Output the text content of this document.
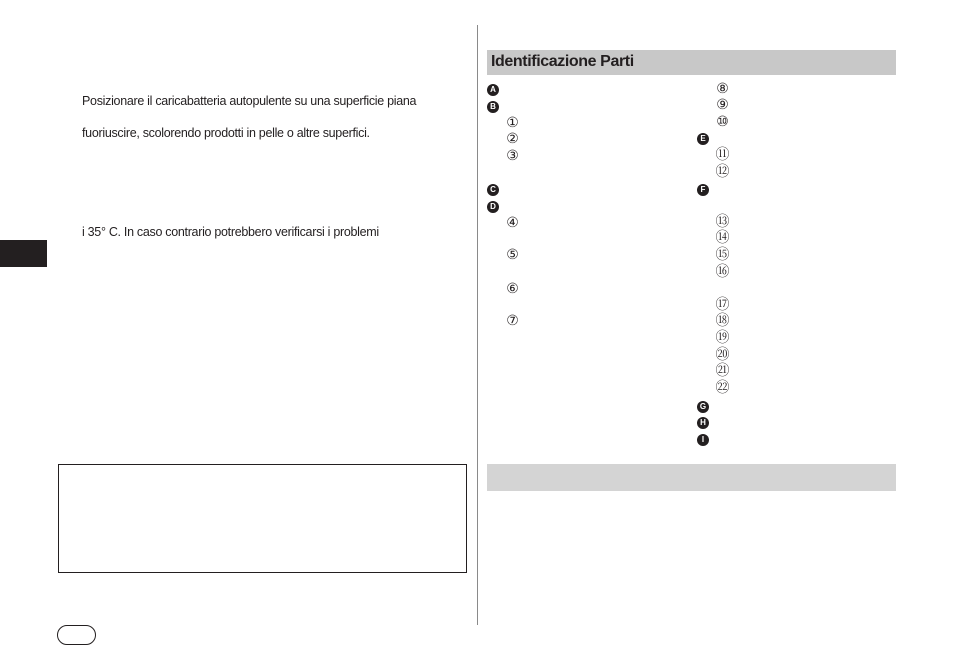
Posizionare il caricabatteria autopulente su una superficie piana
fuoriuscire, scolorendo prodotti in pelle o altre superfici.
i 35° C. In caso contrario potrebbero verificarsi i problemi
Identificazione Parti
A
B
①
②
③
C
D
④
⑤
⑥
⑦
⑧
⑨
⑩
E
⑪
⑫
F
⑬
⑭
⑮
⑯
⑰
⑱
⑲
⑳
㉑
㉒
G
H
I
